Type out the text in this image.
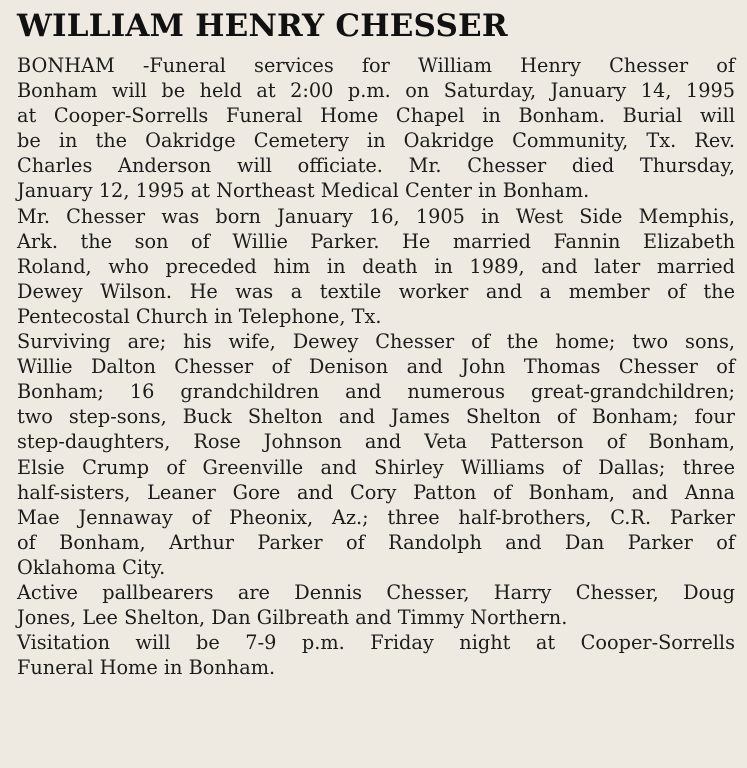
WILLIAM HENRY CHESSER

BONHAM -Funeral services for William Henry Chesser of
Bonham will be held at 2:00 p.m. on Saturday, January 14, 1995
at Cooper-Sorrells Funeral Home Chapel in Bonham. Burial will
be in the Oakridge Cemetery in Oakridge Community, Tx. Rev.
Charles Anderson will officiate. Mr. Chesser died Thursday,
January 12, 1995 at Northeast Medical Center in Bonham.

Mr. Chesser was born January 16, 1905 in West Side Memphis,
Ark. the son of Willie Parker. He married Fannin Elizabeth
Roland, who preceded him in death in 1989, and later married
Dewey Wilson. He was a textile worker and a member of the
Pentecostal Church in Telephone, Tx.

Surviving are; his wife, Dewey Chesser of the home; two sons,
Willie Dalton Chesser of Denison and John Thomas Chesser of
Bonham; 16 grandchildren and numerous great-grandchildren;
two step-sons, Buck Shelton and James Shelton of Bonham; four
step-daughters, Rose Johnson and Veta Patterson of Bonham,
Elsie Crump of Greenville and Shirley Williams of Dallas; three
half-sisters, Leaner Gore and Cory Patton of Bonham, and Anna
Mae Jennaway of Pheonix, Az.; three half-brothers, C.R. Parker
of Bonham, Arthur Parker of Randolph and Dan Parker of
Oklahoma City.

Active pallbearers are Dennis Chesser, Harry Chesser, Doug
Jones, Lee Shelton, Dan Gilbreath and Timmy Northern.

Visitation will be 7-9 p.m. Friday night at Cooper-Sorrells
Funeral Home in Bonham.
